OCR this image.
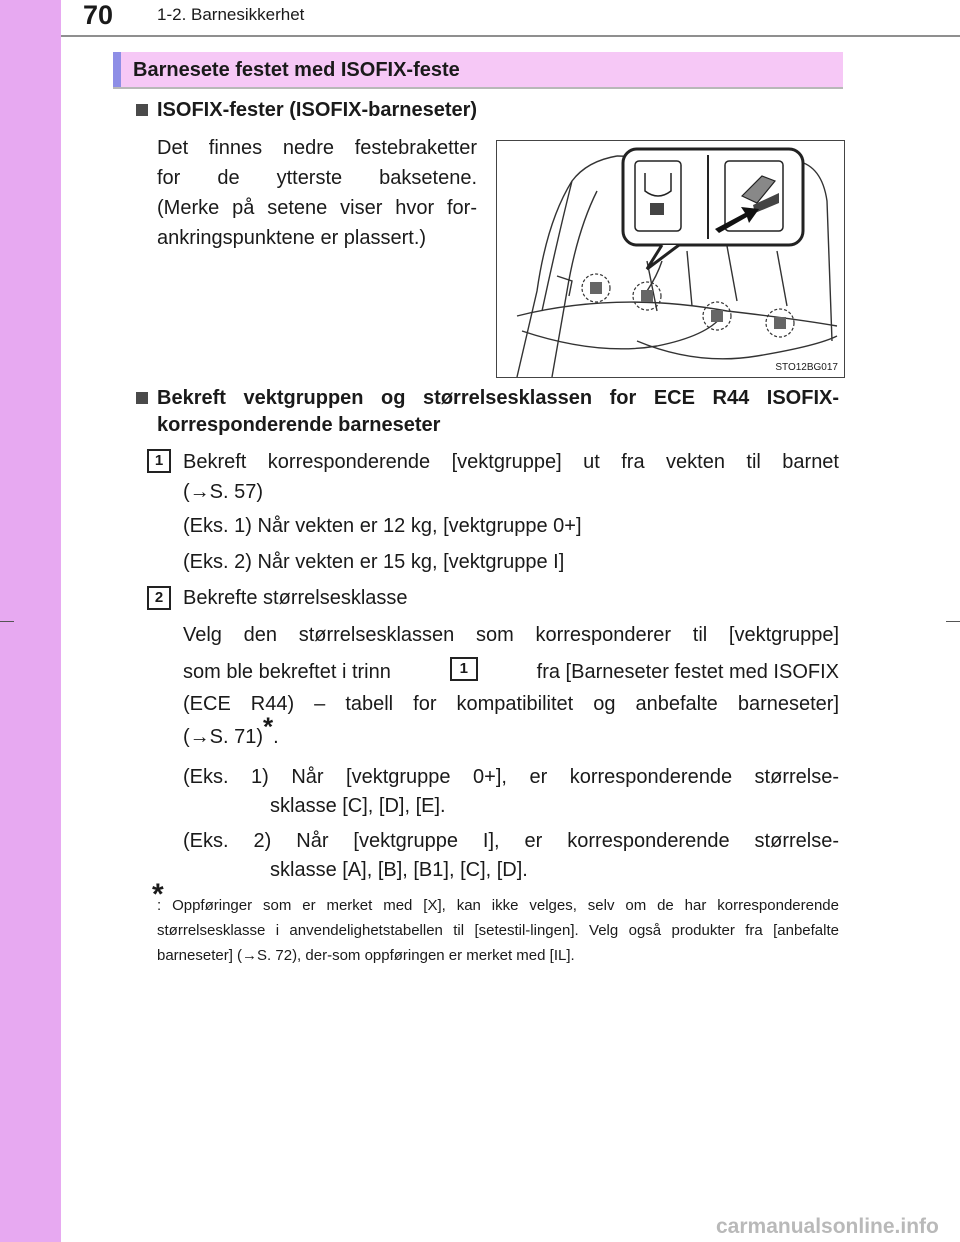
70	1-2. Barnesikkerhet
Barnesete festet med ISOFIX-feste
ISOFIX-fester (ISOFIX-barneseter)
Det finnes nedre festebraketter
for de ytterste baksetene.
(Merke på setene viser hvor for-
ankringspunktene er plassert.)
STO12BG017
Bekreft vektgruppen og størrelsesklassen for ECE R44 ISOFIX-
korresponderende barneseter
1 Bekreft korresponderende [vektgruppe] ut fra vekten til barnet
(→S. 57)
(Eks. 1) Når vekten er 12 kg, [vektgruppe 0+]
(Eks. 2) Når vekten er 15 kg, [vektgruppe I]
2 Bekrefte størrelsesklasse
Velg den størrelsesklassen som korresponderer til [vektgruppe]
som ble bekreftet i trinn	1	fra [Barneseter festet med ISOFIX
(ECE R44) – tabell for kompatibilitet og anbefalte barneseter]
(→S. 71)*.
(Eks. 1) Når [vektgruppe 0+], er korresponderende størrelse-
sklasse [C], [D], [E].
(Eks. 2) Når [vektgruppe I], er korresponderende størrelse-
sklasse [A], [B], [B1], [C], [D].
*
: Oppføringer som er merket med [X], kan ikke velges, selv om de har korresponderende størrelsesklasse i anvendelighetstabellen til [setestil-lingen]. Velg også produkter fra [anbefalte barneseter] (→S. 72), der-som oppføringen er merket med [IL].
carmanualsonline.info
